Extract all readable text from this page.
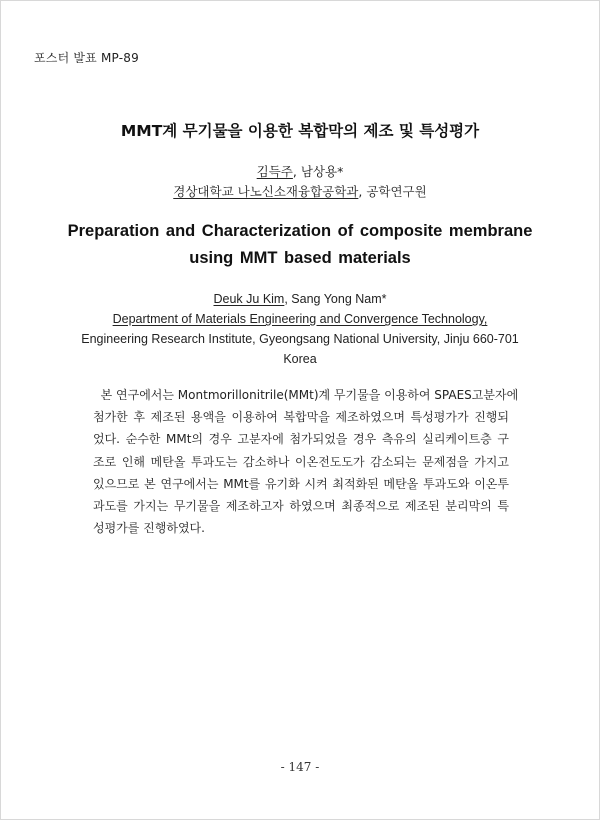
포스터 발표 MP-89
MMT계 무기물을 이용한 복합막의 제조 및 특성평가
김득주, 남상용*
경상대학교 나노신소재융합공학과, 공학연구원
Preparation and Characterization of composite membrane
using MMT based materials
Deuk Ju Kim, Sang Yong Nam*
Department of Materials Engineering and Convergence Technology,
Engineering Research Institute, Gyeongsang National University, Jinju 660-701
Korea
본 연구에서는 Montmorillonitrile(MMt)계 무기물을 이용하여 SPAES고분자에
첨가한 후 제조된 용액을 이용하여 복합막을 제조하였으며 특성평가가 진행되
었다. 순수한 MMt의 경우 고분자에 첨가되었을 경우 측유의 실리케이트층 구
조로 인해 메탄올 투과도는 감소하나 이온전도도가 감소되는 문제점을 가지고
있으므로 본 연구에서는 MMt를 유기화 시켜 최적화된 메탄올 투과도와 이온투
과도를 가지는 무기물을 제조하고자 하였으며 최종적으로 제조된 분리막의 특
성평가를 진행하였다.
- 147 -
